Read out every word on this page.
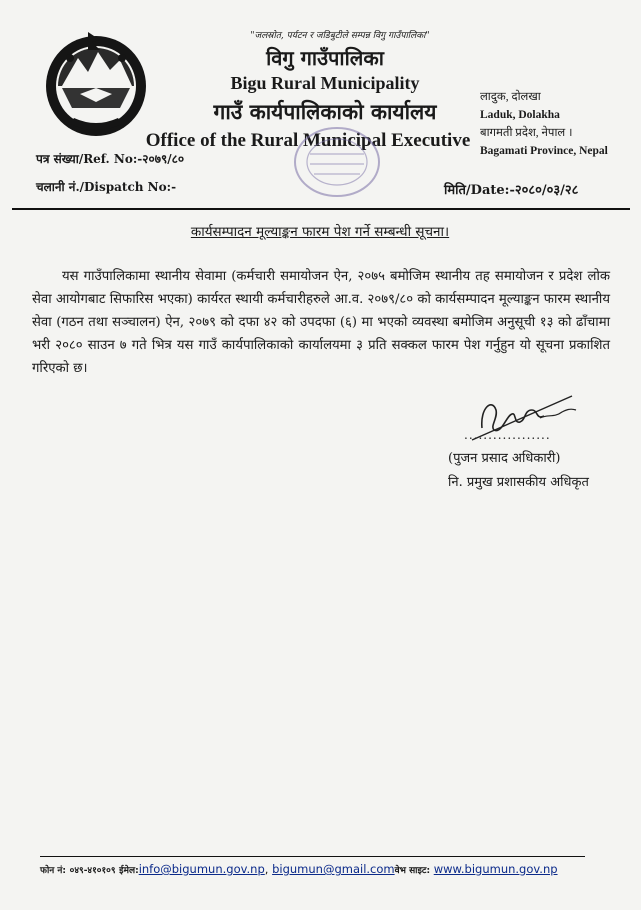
"जलस्रोत, पर्यटन र जडिबुटीले सम्पन्न विगु गाउँपालिका"
विगु गाउँपालिका
Bigu Rural Municipality
गाउँ कार्यपालिकाको कार्यालय
Office of the Rural Municipal Executive
लादुक, दोलखा
Laduk, Dolakha
बागमती प्रदेश, नेपाल ।
Bagamati Province, Nepal
पत्र संख्या/Ref. No:-२०७९/८०
चलानी नं./Dispatch No:-	मिति/Date:-२०८०/०३/२८
कार्यसम्पादन मूल्याङ्कन फारम पेश गर्ने सम्बन्धी सूचना।

यस गाउँपालिकामा स्थानीय सेवामा (कर्मचारी समायोजन ऐन, २०७५ बमोजिम स्थानीय तह समायोजन र प्रदेश लोक सेवा आयोगबाट सिफारिस भएका) कार्यरत स्थायी कर्मचारीहरुले आ.व. २०७९/८० को कार्यसम्पादन मूल्याङ्कन फारम स्थानीय सेवा (गठन तथा सञ्चालन) ऐन, २०७९ को दफा ४२ को उपदफा (६) मा भएको व्यवस्था बमोजिम अनुसूची १३ को ढाँचामा भरी २०८० साउन ७ गते भित्र यस गाउँ कार्यपालिकाको कार्यालयमा ३ प्रति सक्कल फारम पेश गर्नुहुन यो सूचना प्रकाशित गरिएको छ।

..................
(पुजन प्रसाद अधिकारी)
नि. प्रमुख प्रशासकीय अधिकृत
फोन नं: ०४९-४१०१०९ ईमेल:info@bigumun.gov.np, bigumun@gmail.comवेभ साइट: www.bigumun.gov.np
